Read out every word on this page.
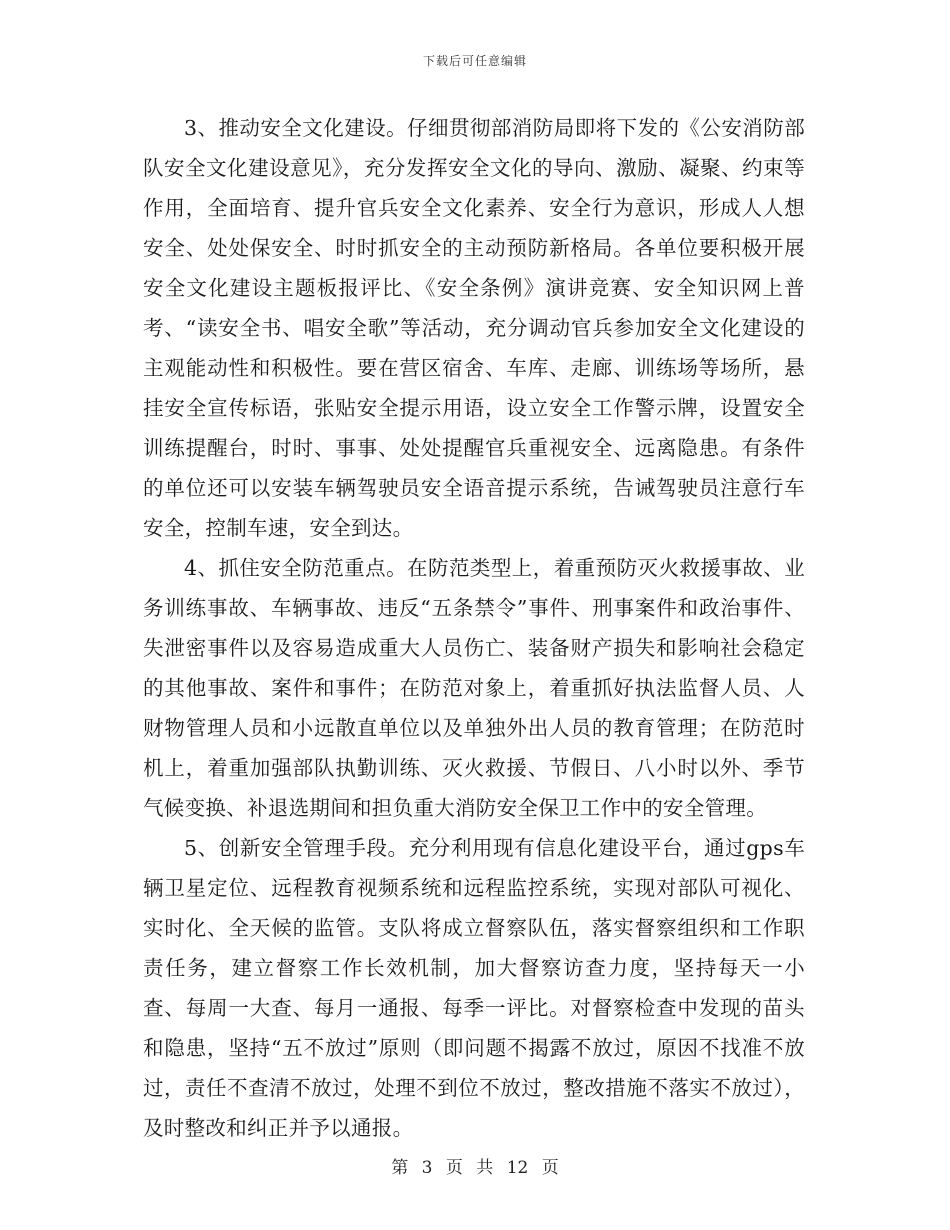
下载后可任意编辑

3、推动安全文化建设。仔细贯彻部消防局即将下发的《公安消防部队安全文化建设意见》，充分发挥安全文化的导向、激励、凝聚、约束等作用，全面培育、提升官兵安全文化素养、安全行为意识，形成人人想安全、处处保安全、时时抓安全的主动预防新格局。各单位要积极开展安全文化建设主题板报评比、《安全条例》演讲竞赛、安全知识网上普考、“读安全书、唱安全歌”等活动，充分调动官兵参加安全文化建设的主观能动性和积极性。要在营区宿舍、车库、走廊、训练场等场所，悬挂安全宣传标语，张贴安全提示用语，设立安全工作警示牌，设置安全训练提醒台，时时、事事、处处提醒官兵重视安全、远离隐患。有条件的单位还可以安装车辆驾驶员安全语音提示系统，告诫驾驶员注意行车安全，控制车速，安全到达。

4、抓住安全防范重点。在防范类型上，着重预防灭火救援事故、业务训练事故、车辆事故、违反“五条禁令”事件、刑事案件和政治事件、失泄密事件以及容易造成重大人员伤亡、装备财产损失和影响社会稳定的其他事故、案件和事件；在防范对象上，着重抓好执法监督人员、人财物管理人员和小远散直单位以及单独外出人员的教育管理；在防范时机上，着重加强部队执勤训练、灭火救援、节假日、八小时以外、季节气候变换、补退选期间和担负重大消防安全保卫工作中的安全管理。

5、创新安全管理手段。充分利用现有信息化建设平台，通过gps车辆卫星定位、远程教育视频系统和远程监控系统，实现对部队可视化、实时化、全天候的监管。支队将成立督察队伍，落实督察组织和工作职责任务，建立督察工作长效机制，加大督察访查力度，坚持每天一小查、每周一大查、每月一通报、每季一评比。对督察检查中发现的苗头和隐患，坚持“五不放过”原则（即问题不揭露不放过，原因不找准不放过，责任不查清不放过，处理不到位不放过，整改措施不落实不放过），及时整改和纠正并予以通报。

第 3 页 共 12 页
